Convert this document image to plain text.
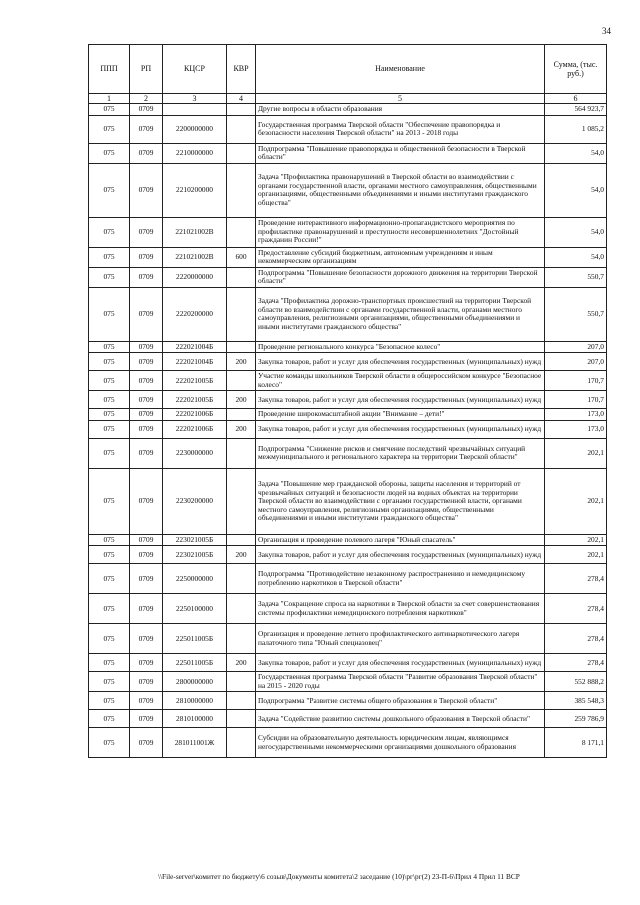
34
ППП	РП	КЦСР	КВР	Наименование	Сумма, (тыс. руб.)
1	2	3	4	5	6
075	0709			Другие вопросы в области образования	564 923,7
075	0709	2200000000		Государственная программа Тверской области "Обеспечение правопорядка и безопасности населения Тверской области" на 2013 - 2018 годы	1 085,2
075	0709	2210000000		Подпрограмма "Повышение правопорядка и общественной безопасности в Тверской области"	54,0
075	0709	2210200000		Задача "Профилактика правонарушений в Тверской области во взаимодействии с органами государственной власти, органами местного самоуправления, общественными организациями, общественными объединениями и иными институтами гражданского общества"	54,0
075	0709	221021002В		Проведение интерактивного информационно-пропагандистского мероприятия по профилактике правонарушений и преступности несовершеннолетних "Достойный гражданин России!"	54,0
075	0709	221021002В	600	Предоставление субсидий бюджетным, автономным учреждениям и иным некоммерческим организациям	54,0
075	0709	2220000000		Подпрограмма "Повышение безопасности дорожного движения на территории Тверской области"	550,7
075	0709	2220200000		Задача "Профилактика дорожно-транспортных происшествий на территории Тверской области во взаимодействии с органами государственной власти, органами местного самоуправления, религиозными организациями, общественными объединениями и иными институтами гражданского общества"	550,7
075	0709	222021004Б		Проведение регионального конкурса "Безопасное колесо"	207,0
075	0709	222021004Б	200	Закупка товаров, работ и услуг для обеспечения государственных (муниципальных) нужд	207,0
075	0709	222021005Б		Участие команды школьников Тверской области в общероссийском конкурсе "Безопасное колесо"	170,7
075	0709	222021005Б	200	Закупка товаров, работ и услуг для обеспечения государственных (муниципальных) нужд	170,7
075	0709	222021006Б		Проведение широкомасштабной акции "Внимание – дети!"	173,0
075	0709	222021006Б	200	Закупка товаров, работ и услуг для обеспечения государственных (муниципальных) нужд	173,0
075	0709	2230000000		Подпрограмма "Снижение рисков и смягчение последствий чрезвычайных ситуаций межмуниципального и регионального характера на территории Тверской области"	202,1
075	0709	2230200000		Задача "Повышение мер гражданской обороны, защиты населения и территорий от чрезвычайных ситуаций и безопасности людей на водных объектах на территории Тверской области во взаимодействии с органами государственной власти, органами местного самоуправления, религиозными организациями, общественными объединениями и иными институтами гражданского общества"	202,1
075	0709	223021005Б		Организация и проведение полевого лагеря "Юный спасатель"	202,1
075	0709	223021005Б	200	Закупка товаров, работ и услуг для обеспечения государственных (муниципальных) нужд	202,1
075	0709	2250000000		Подпрограмма "Противодействие незаконному распространению и немедицинскому потреблению наркотиков в Тверской области"	278,4
075	0709	2250100000		Задача "Сокращение спроса на наркотики в Тверской области за счет совершенствования системы профилактики немедицинского потребления наркотиков"	278,4
075	0709	225011005Б		Организация и проведение летнего профилактического антинаркотического лагеря палаточного типа "Юный спецназовец"	278,4
075	0709	225011005Б	200	Закупка товаров, работ и услуг для обеспечения государственных (муниципальных) нужд	278,4
075	0709	2800000000		Государственная программа Тверской области "Развитие образования Тверской области" на 2015 - 2020 годы	552 888,2
075	0709	2810000000		Подпрограмма "Развитие системы общего образования в Тверской области"	385 548,3
075	0709	2810100000		Задача "Содействие развитию системы дошкольного образования в Тверской области"	259 786,9
075	0709	281011001Ж		Субсидии на образовательную деятельность юридическим лицам, являющимся негосударственными некоммерческими организациями дошкольного образования	8 171,1
\\File-server\комитет по бюджету\6 созыв\Документы комитета\2 заседание (10)\рг\рг(2) 23-П-6\Прил 4 Прил 11 ВСР
